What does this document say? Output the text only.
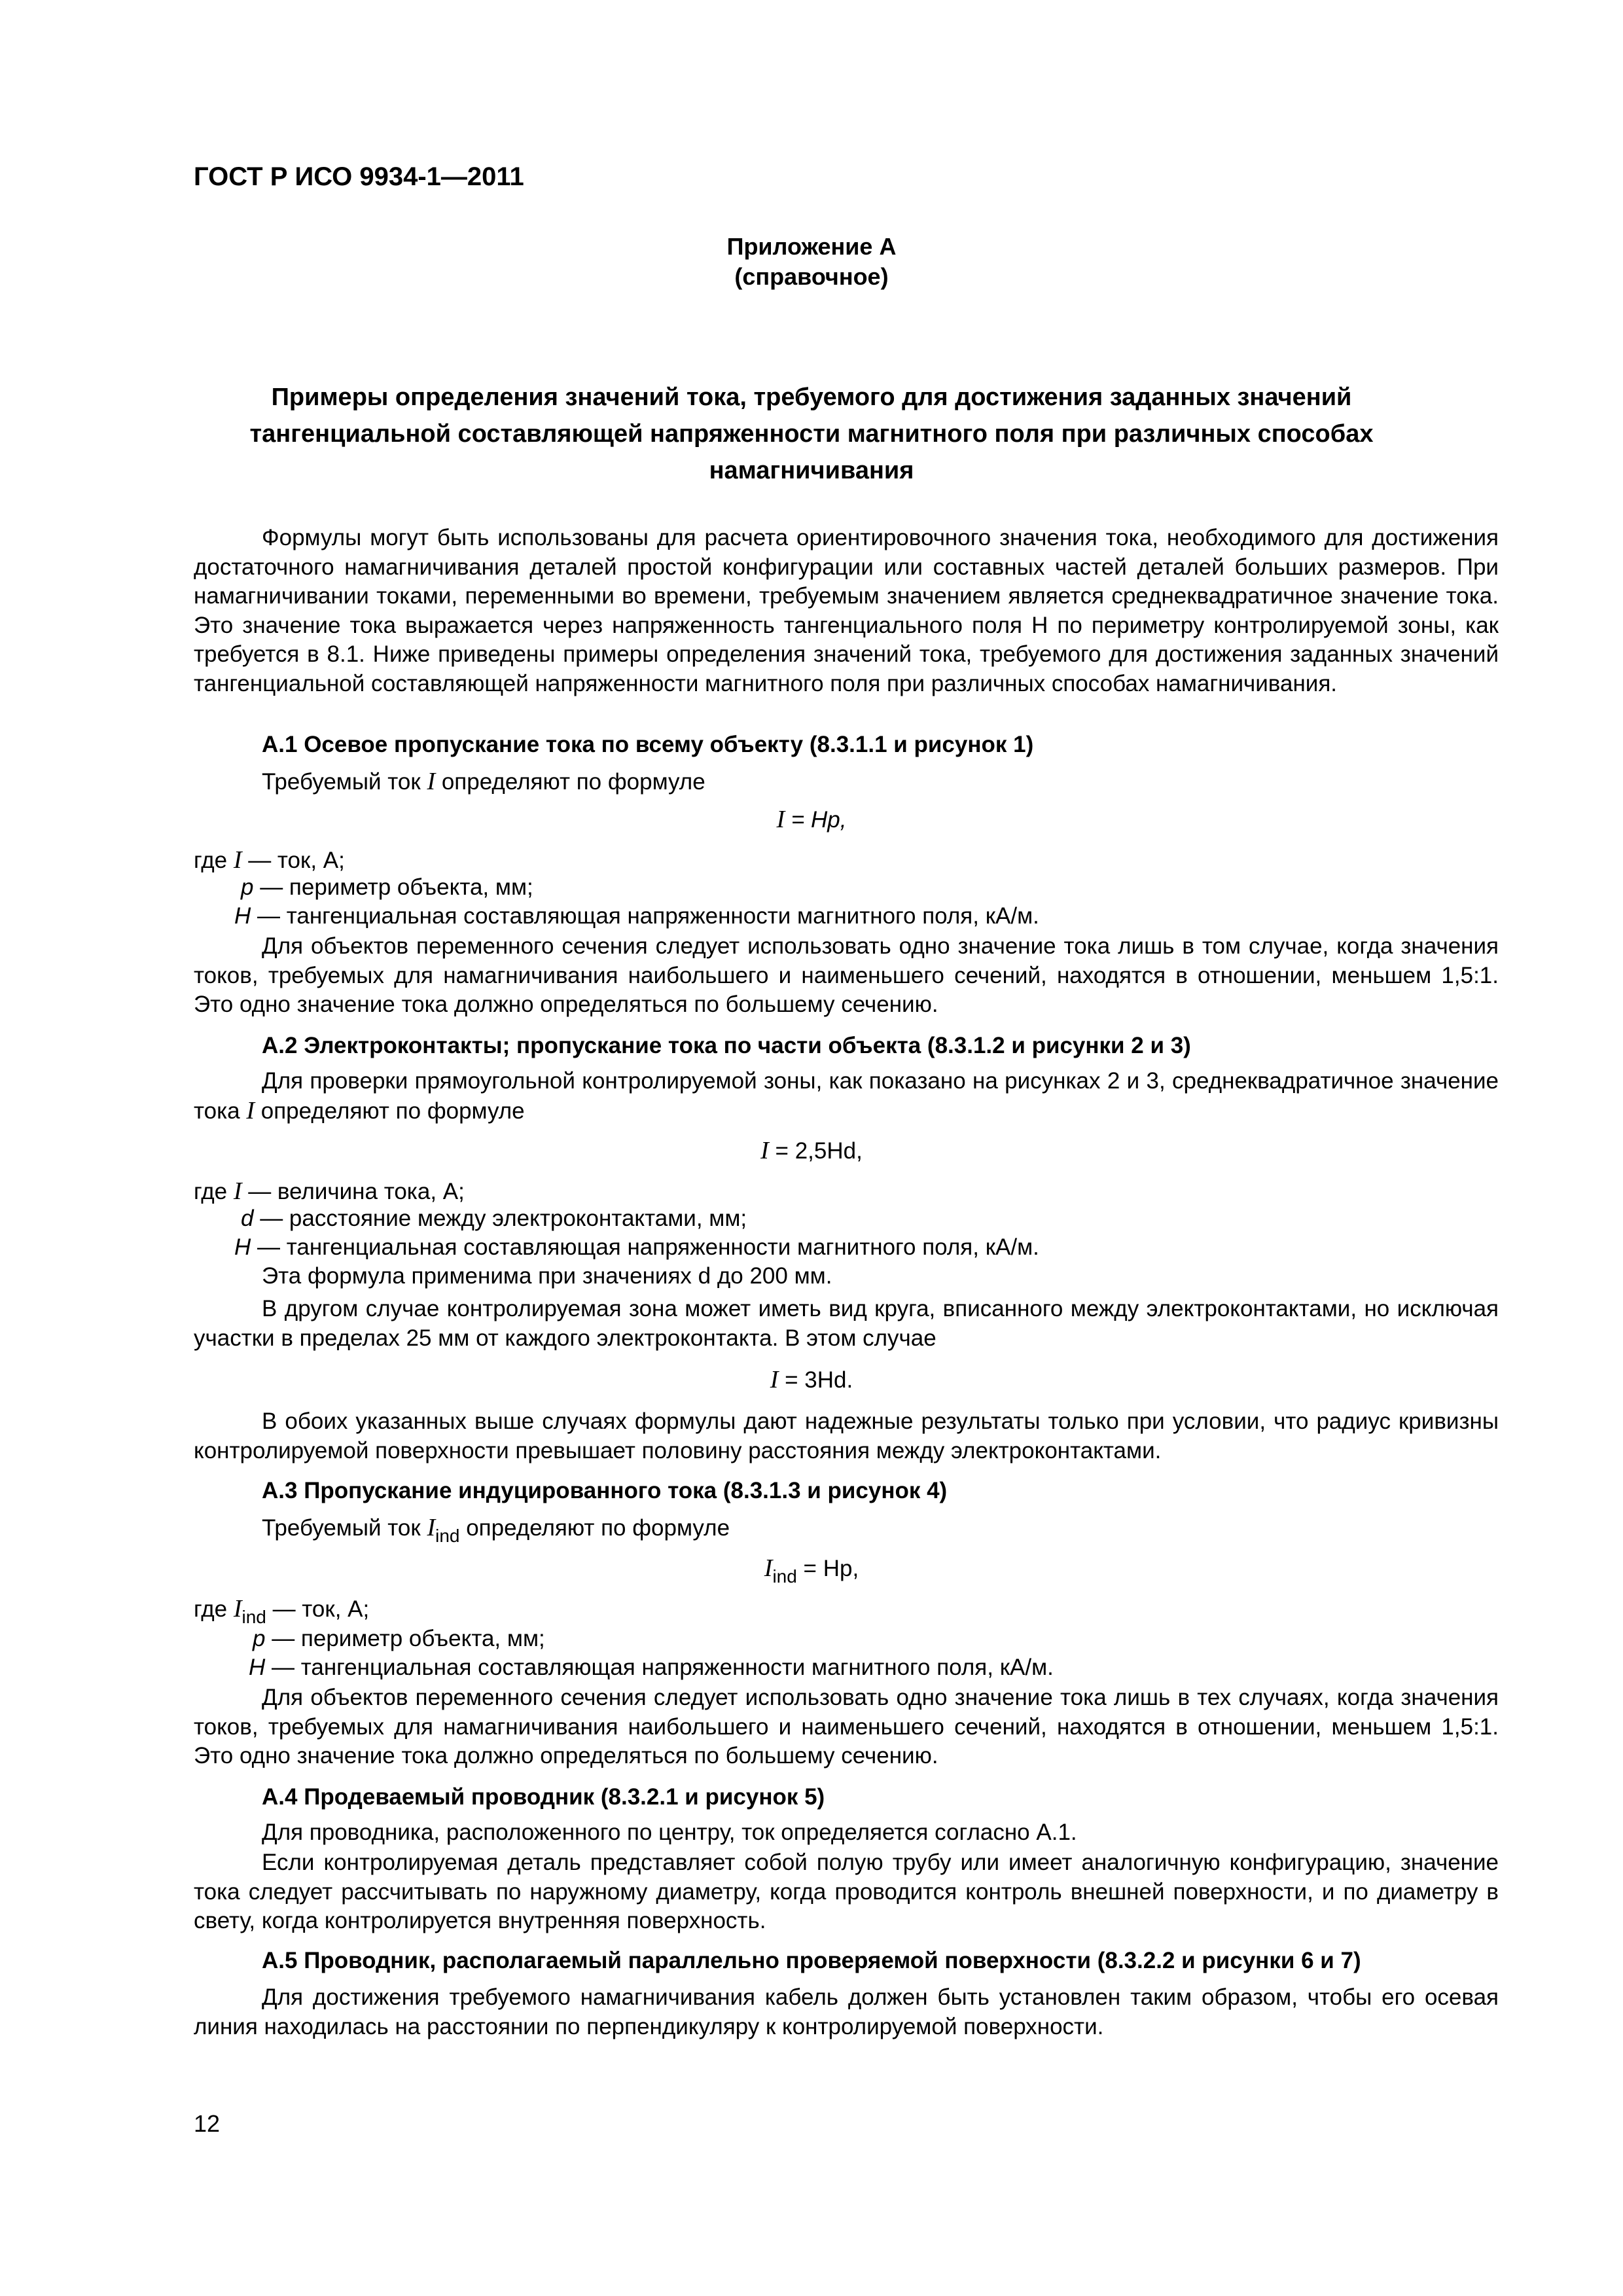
ГОСТ Р ИСО 9934-1—2011
Приложение А
(справочное)
Примеры определения значений тока, требуемого для достижения заданных значений
тангенциальной составляющей напряженности магнитного поля при различных способах
намагничивания

Формулы могут быть использованы для расчета ориентировочного значения тока, необходимого для достижения достаточного намагничивания деталей простой конфигурации или составных частей деталей больших размеров. При намагничивании токами, переменными во времени, требуемым значением является среднеквадратичное значение тока. Это значение тока выражается через напряженность тангенциального поля H по периметру контролируемой зоны, как требуется в 8.1. Ниже приведены примеры определения значений тока, требуемого для достижения заданных значений тангенциальной составляющей напряженности магнитного поля при различных способах намагничивания.

А.1 Осевое пропускание тока по всему объекту (8.3.1.1 и рисунок 1)
Требуемый ток I определяют по формуле
I = Hp,
где I — ток, А;
p — периметр объекта, мм;
H — тангенциальная составляющая напряженности магнитного поля, кА/м.

Для объектов переменного сечения следует использовать одно значение тока лишь в том случае, когда значения токов, требуемых для намагничивания наибольшего и наименьшего сечений, находятся в отношении, меньшем 1,5:1. Это одно значение тока должно определяться по большему сечению.

А.2 Электроконтакты; пропускание тока по части объекта (8.3.1.2 и рисунки 2 и 3)

Для проверки прямоугольной контролируемой зоны, как показано на рисунках 2 и 3, среднеквадратичное значение тока I определяют по формуле

I = 2,5Hd,
где I — величина тока, А;
d — расстояние между электроконтактами, мм;
H — тангенциальная составляющая напряженности магнитного поля, кА/м.
Эта формула применима при значениях d до 200 мм.

В другом случае контролируемая зона может иметь вид круга, вписанного между электроконтактами, но исключая участки в пределах 25 мм от каждого электроконтакта. В этом случае

I = 3Hd.

В обоих указанных выше случаях формулы дают надежные результаты только при условии, что радиус кривизны контролируемой поверхности превышает половину расстояния между электроконтактами.

А.3 Пропускание индуцированного тока (8.3.1.3 и рисунок 4)
Требуемый ток $I_{ind}$ определяют по формуле
$I_{ind} = Hp$,
где $I_{ind}$ — ток, А;
p — периметр объекта, мм;
H — тангенциальная составляющая напряженности магнитного поля, кА/м.

Для объектов переменного сечения следует использовать одно значение тока лишь в тех случаях, когда значения токов, требуемых для намагничивания наибольшего и наименьшего сечений, находятся в отношении, меньшем 1,5:1. Это одно значение тока должно определяться по большему сечению.

А.4 Продеваемый проводник (8.3.2.1 и рисунок 5)
Для проводника, расположенного по центру, ток определяется согласно А.1.

Если контролируемая деталь представляет собой полую трубу или имеет аналогичную конфигурацию, значение тока следует рассчитывать по наружному диаметру, когда проводится контроль внешней поверхности, и по диаметру в свету, когда контролируется внутренняя поверхность.

А.5 Проводник, располагаемый параллельно проверяемой поверхности (8.3.2.2 и рисунки 6 и 7)

Для достижения требуемого намагничивания кабель должен быть установлен таким образом, чтобы его осевая линия находилась на расстоянии по перпендикуляру к контролируемой поверхности.

12
